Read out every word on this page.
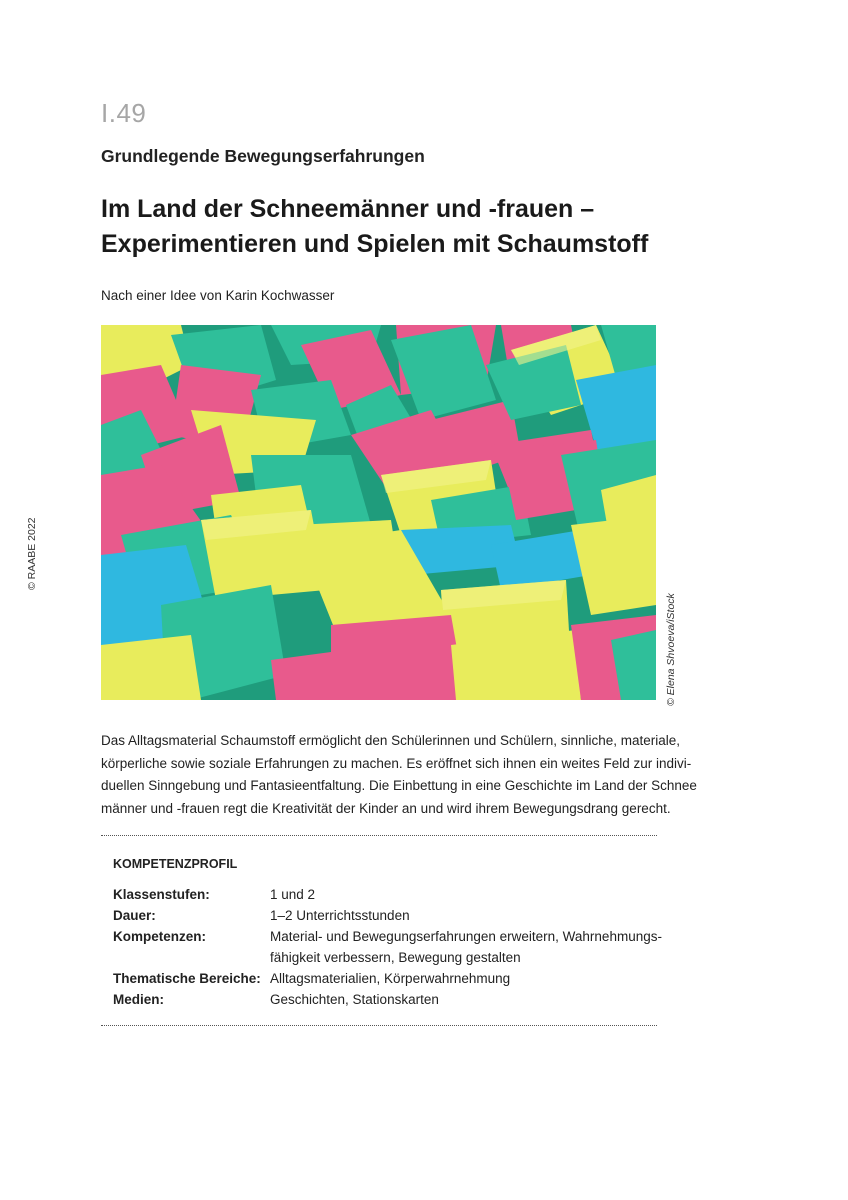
I.49
Grundlegende Bewegungserfahrungen
Im Land der Schneemänner und -frauen –
Experimentieren und Spielen mit Schaumstoff
Nach einer Idee von Karin Kochwasser
© RAABE 2022
© Elena Shvoeva/iStock
Das Alltagsmaterial Schaumstoff ermöglicht den Schülerinnen und Schülern, sinnliche, materiale,
körperliche sowie soziale Erfahrungen zu machen. Es eröffnet sich ihnen ein weites Feld zur indivi-
duellen Sinngebung und Fantasieentfaltung. Die Einbettung in eine Geschichte im Land der Schnee
männer und -frauen regt die Kreativität der Kinder an und wird ihrem Bewegungsdrang gerecht.
KOMPETENZPROFIL
Klassenstufen:	1 und 2
Dauer:	1–2 Unterrichtsstunden
Kompetenzen:	Material- und Bewegungserfahrungen erweitern, Wahrnehmungs-
fähigkeit verbessern, Bewegung gestalten
Thematische Bereiche: Alltagsmaterialien, Körperwahrnehmung
Medien:	Geschichten, Stationskarten
